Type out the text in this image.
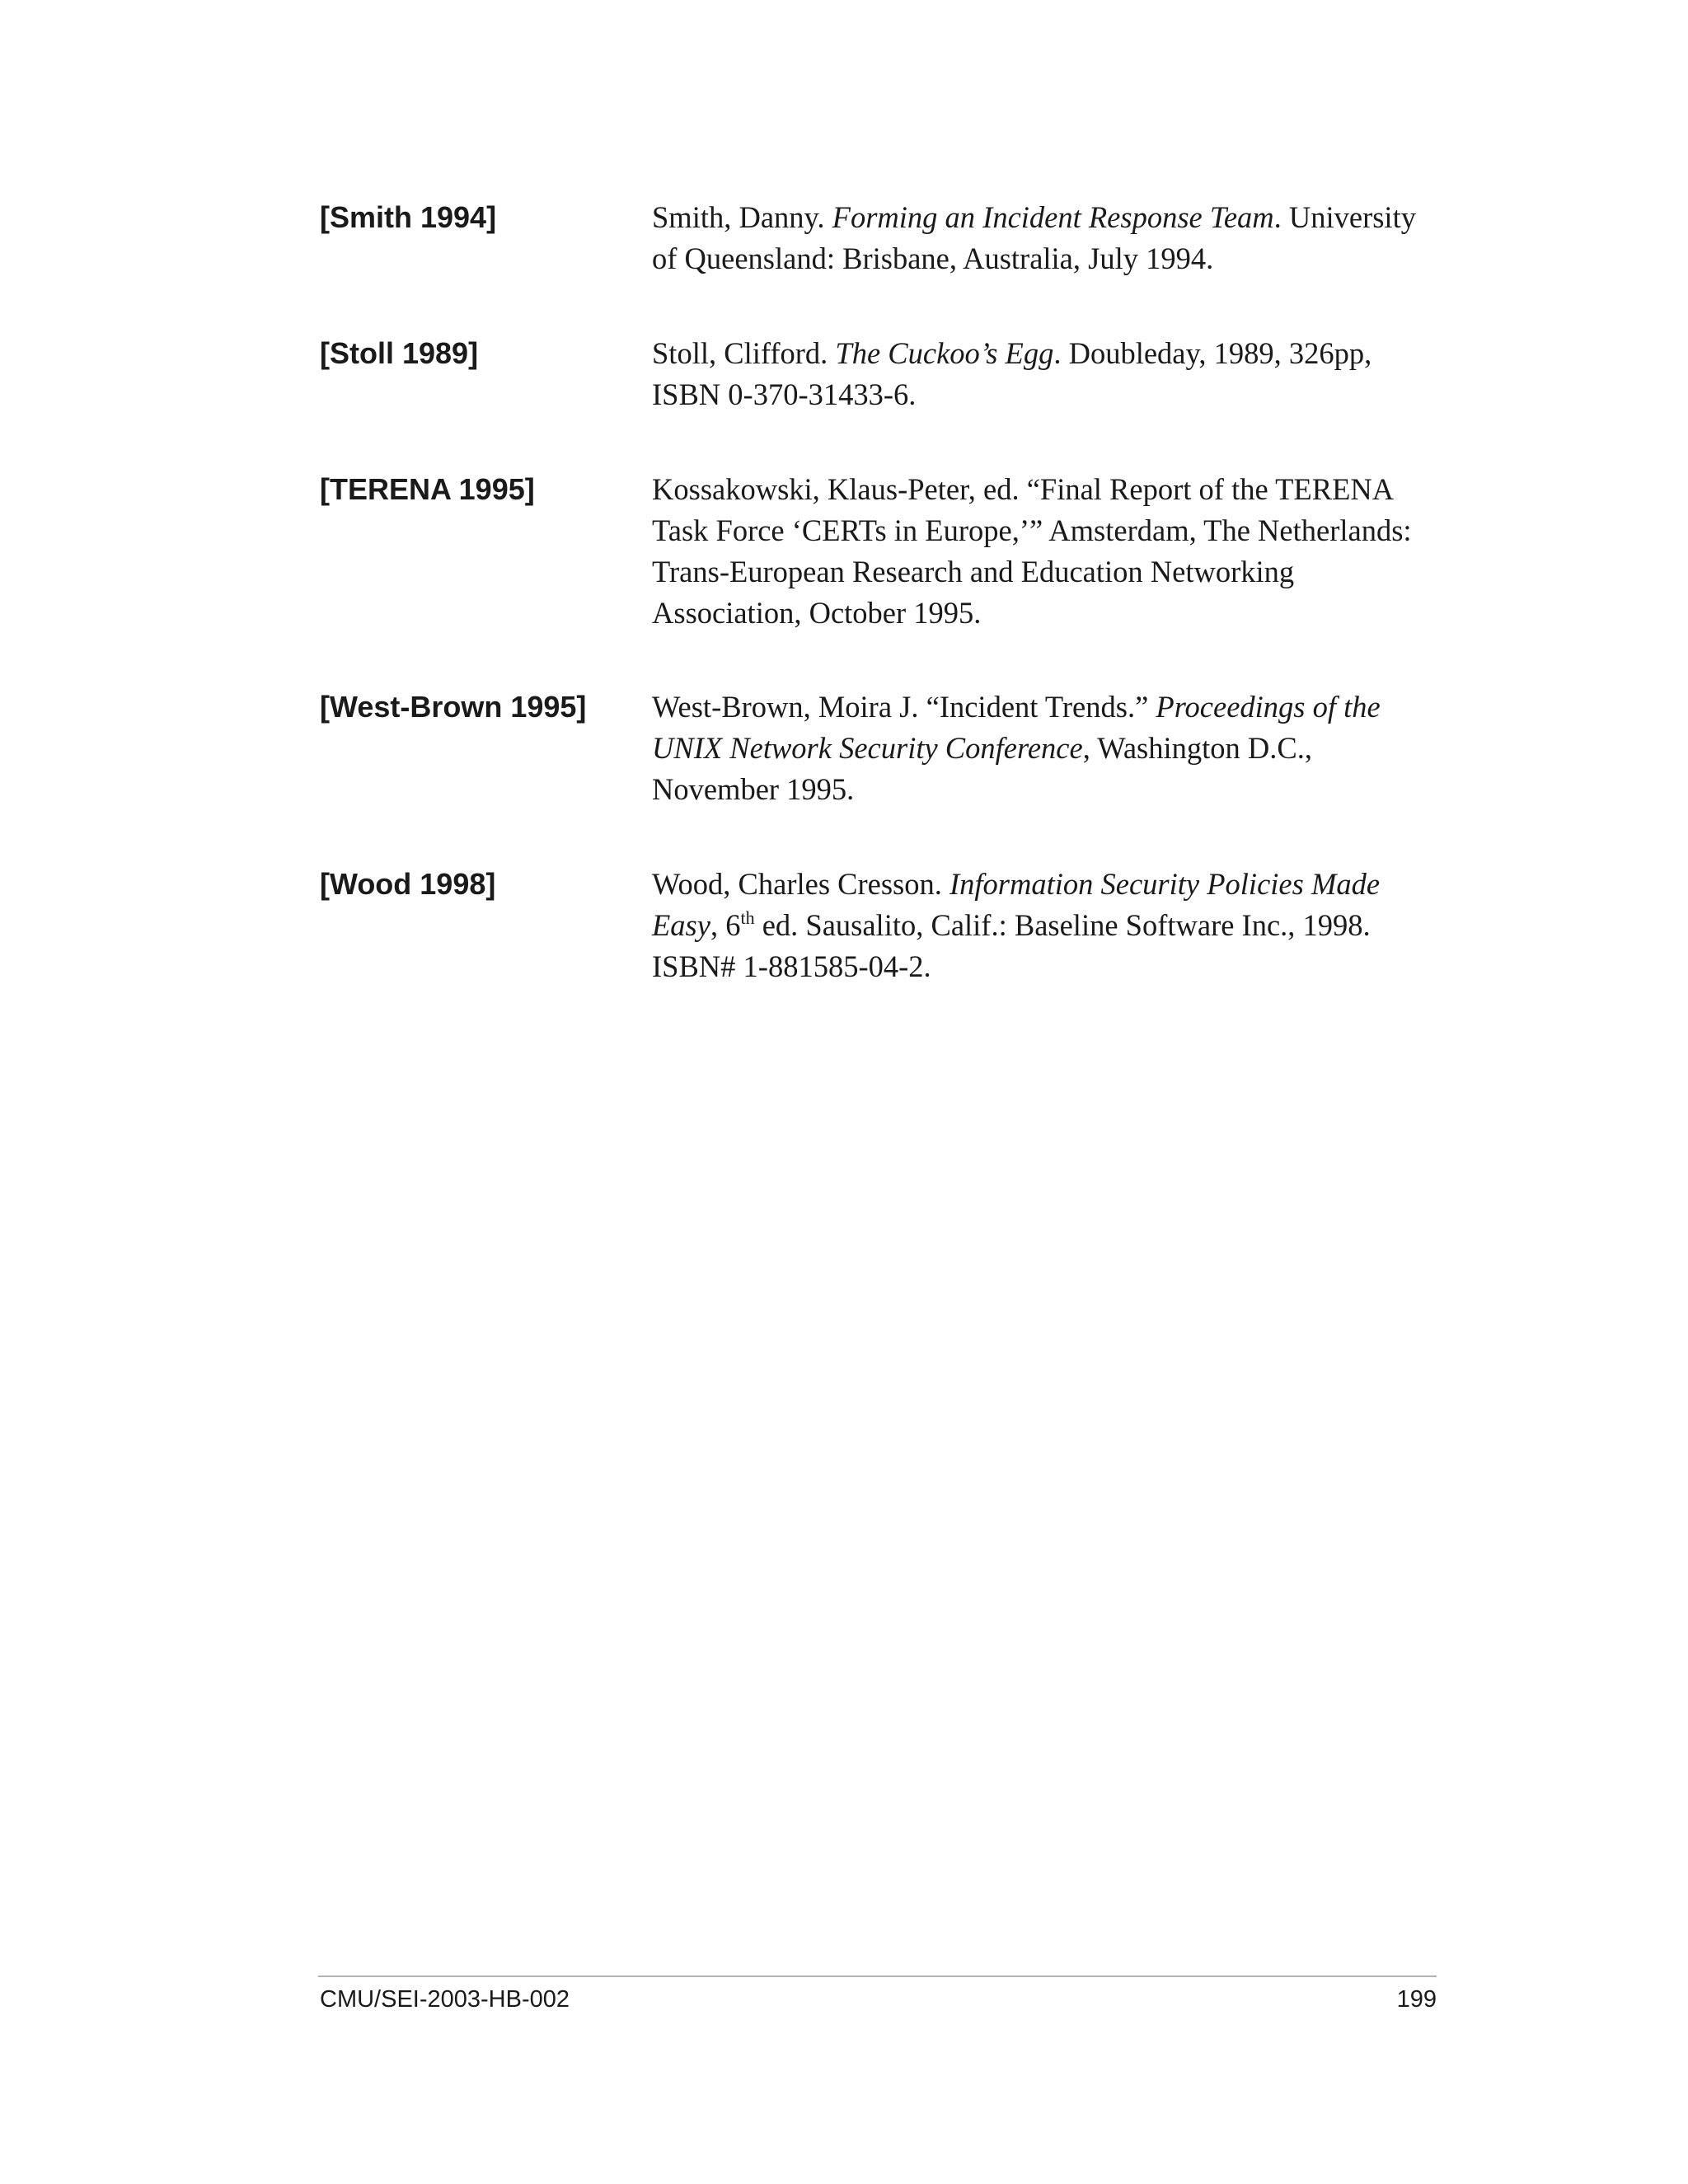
[Smith 1994]	Smith, Danny. Forming an Incident Response Team. University
of Queensland: Brisbane, Australia, July 1994.
[Stoll 1989]	Stoll, Clifford. The Cuckoo’s Egg. Doubleday, 1989, 326pp,
ISBN 0-370-31433-6.
[TERENA 1995]	Kossakowski, Klaus-Peter, ed. “Final Report of the TERENA
Task Force ‘CERTs in Europe,’” Amsterdam, The Netherlands:
Trans-European Research and Education Networking
Association, October 1995.
[West-Brown 1995]	West-Brown, Moira J. “Incident Trends.” Proceedings of the
UNIX Network Security Conference, Washington D.C.,
November 1995.
[Wood 1998]	Wood, Charles Cresson. Information Security Policies Made
Easy, 6th ed. Sausalito, Calif.: Baseline Software Inc., 1998.
ISBN# 1-881585-04-2.
CMU/SEI-2003-HB-002	199
